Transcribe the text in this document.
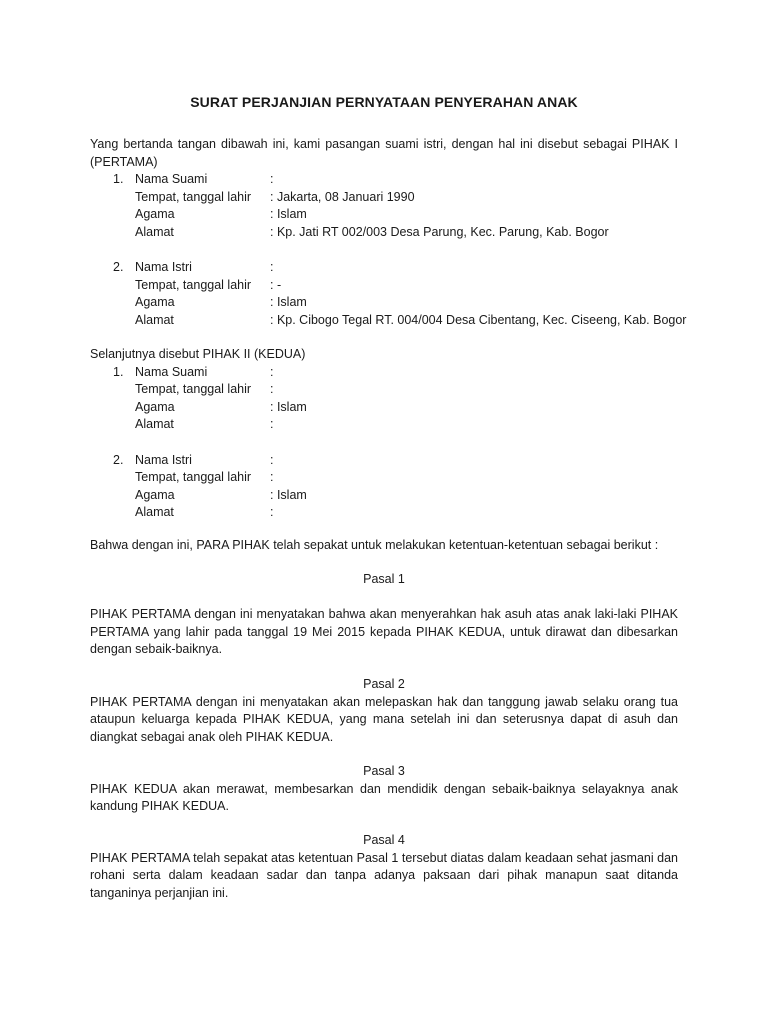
SURAT PERJANJIAN PERNYATAAN PENYERAHAN ANAK
Yang bertanda tangan dibawah ini, kami pasangan suami istri, dengan hal ini disebut sebagai PIHAK I (PERTAMA)
1. Nama Suami	:
Tempat, tanggal lahir : Jakarta, 08 Januari 1990
Agama	: Islam
Alamat	: Kp. Jati RT 002/003 Desa Parung, Kec. Parung, Kab. Bogor
2. Nama Istri	:
Tempat, tanggal lahir : -
Agama	: Islam
Alamat	: Kp. Cibogo Tegal RT. 004/004 Desa Cibentang, Kec. Ciseeng, Kab. Bogor
Selanjutnya disebut PIHAK II (KEDUA)
1. Nama Suami	:
Tempat, tanggal lahir :
Agama	: Islam
Alamat	:
2. Nama Istri	:
Tempat, tanggal lahir :
Agama	: Islam
Alamat	:
Bahwa dengan ini, PARA PIHAK telah sepakat untuk melakukan ketentuan-ketentuan sebagai berikut :
Pasal 1
PIHAK PERTAMA dengan ini menyatakan bahwa akan menyerahkan hak asuh atas anak laki-laki PIHAK PERTAMA yang lahir pada tanggal 19 Mei 2015 kepada PIHAK KEDUA, untuk dirawat dan dibesarkan dengan sebaik-baiknya.
Pasal 2
PIHAK PERTAMA dengan ini menyatakan akan melepaskan hak dan tanggung jawab selaku orang tua ataupun keluarga kepada PIHAK KEDUA, yang mana setelah ini dan seterusnya dapat di asuh dan diangkat sebagai anak oleh PIHAK KEDUA.
Pasal 3
PIHAK KEDUA akan merawat, membesarkan dan mendidik dengan sebaik-baiknya selayaknya anak kandung PIHAK KEDUA.
Pasal 4
PIHAK PERTAMA telah sepakat atas ketentuan Pasal 1 tersebut diatas dalam keadaan sehat jasmani dan rohani serta dalam keadaan sadar dan tanpa adanya paksaan dari pihak manapun saat ditanda tanganinya perjanjian ini.
